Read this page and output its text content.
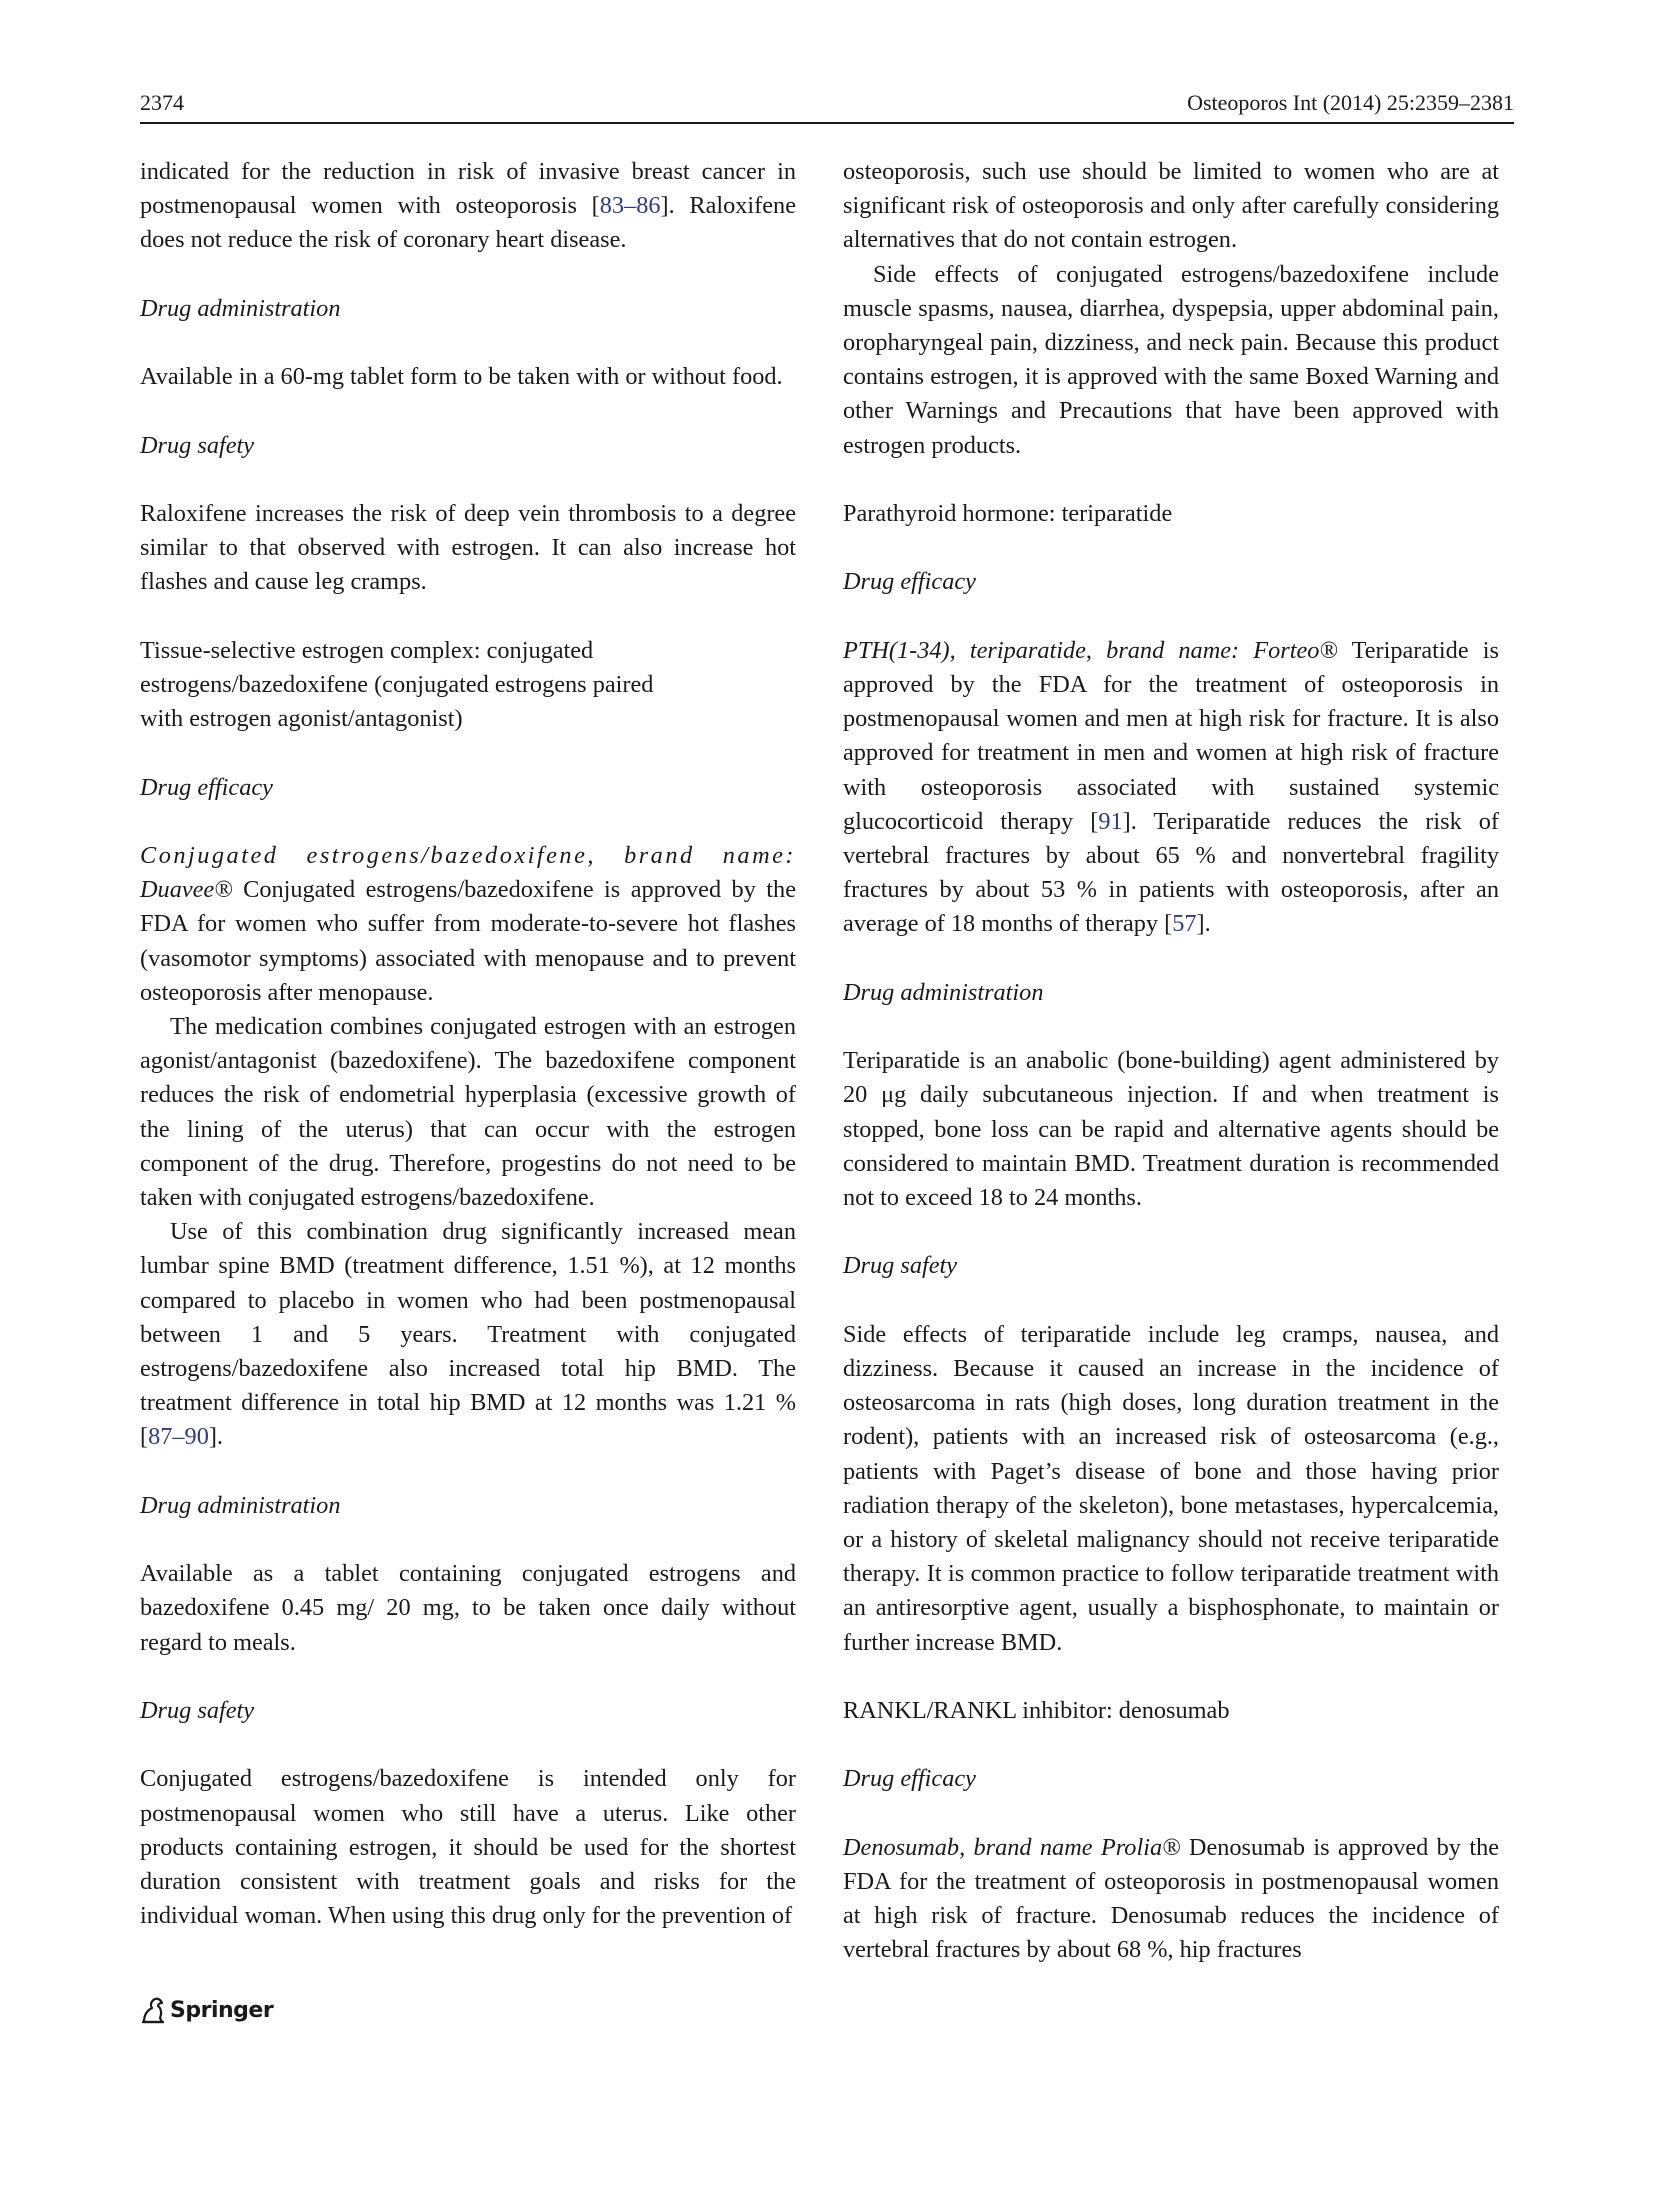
2374	Osteoporos Int (2014) 25:2359–2381

indicated for the reduction in risk of invasive breast cancer in postmenopausal women with osteoporosis [83–86]. Raloxifene does not reduce the risk of coronary heart disease.

Drug administration

Available in a 60-mg tablet form to be taken with or without food.

Drug safety

Raloxifene increases the risk of deep vein thrombosis to a degree similar to that observed with estrogen. It can also increase hot flashes and cause leg cramps.

Tissue-selective estrogen complex: conjugated
estrogens/bazedoxifene (conjugated estrogens paired
with estrogen agonist/antagonist)

Drug efficacy

Conjugated estrogens/bazedoxifene, brand name: Duavee® Conjugated estrogens/bazedoxifene is approved by the FDA for women who suffer from moderate-to-severe hot flashes (vasomotor symptoms) associated with menopause and to prevent osteoporosis after menopause.

The medication combines conjugated estrogen with an estrogen agonist/antagonist (bazedoxifene). The bazedoxifene component reduces the risk of endometrial hyperplasia (excessive growth of the lining of the uterus) that can occur with the estrogen component of the drug. Therefore, progestins do not need to be taken with conjugated estrogens/bazedoxifene.

Use of this combination drug significantly increased mean lumbar spine BMD (treatment difference, 1.51 %), at 12 months compared to placebo in women who had been postmenopausal between 1 and 5 years. Treatment with conjugated estrogens/bazedoxifene also increased total hip BMD. The treatment difference in total hip BMD at 12 months was 1.21 % [87–90].

Drug administration

Available as a tablet containing conjugated estrogens and bazedoxifene 0.45 mg/ 20 mg, to be taken once daily without regard to meals.

Drug safety

Conjugated estrogens/bazedoxifene is intended only for postmenopausal women who still have a uterus. Like other products containing estrogen, it should be used for the shortest duration consistent with treatment goals and risks for the individual woman. When using this drug only for the prevention of

osteoporosis, such use should be limited to women who are at significant risk of osteoporosis and only after carefully considering alternatives that do not contain estrogen.

Side effects of conjugated estrogens/bazedoxifene include muscle spasms, nausea, diarrhea, dyspepsia, upper abdominal pain, oropharyngeal pain, dizziness, and neck pain. Because this product contains estrogen, it is approved with the same Boxed Warning and other Warnings and Precautions that have been approved with estrogen products.

Parathyroid hormone: teriparatide

Drug efficacy

PTH(1-34), teriparatide, brand name: Forteo® Teriparatide is approved by the FDA for the treatment of osteoporosis in postmenopausal women and men at high risk for fracture. It is also approved for treatment in men and women at high risk of fracture with osteoporosis associated with sustained systemic glucocorticoid therapy [91]. Teriparatide reduces the risk of vertebral fractures by about 65 % and nonvertebral fragility fractures by about 53 % in patients with osteoporosis, after an average of 18 months of therapy [57].

Drug administration

Teriparatide is an anabolic (bone-building) agent administered by 20 μg daily subcutaneous injection. If and when treatment is stopped, bone loss can be rapid and alternative agents should be considered to maintain BMD. Treatment duration is recommended not to exceed 18 to 24 months.

Drug safety

Side effects of teriparatide include leg cramps, nausea, and dizziness. Because it caused an increase in the incidence of osteosarcoma in rats (high doses, long duration treatment in the rodent), patients with an increased risk of osteosarcoma (e.g., patients with Paget’s disease of bone and those having prior radiation therapy of the skeleton), bone metastases, hypercalcemia, or a history of skeletal malignancy should not receive teriparatide therapy. It is common practice to follow teriparatide treatment with an antiresorptive agent, usually a bisphosphonate, to maintain or further increase BMD.

RANKL/RANKL inhibitor: denosumab

Drug efficacy

Denosumab, brand name Prolia® Denosumab is approved by the FDA for the treatment of osteoporosis in postmenopausal women at high risk of fracture. Denosumab reduces the incidence of vertebral fractures by about 68 %, hip fractures

Springer
